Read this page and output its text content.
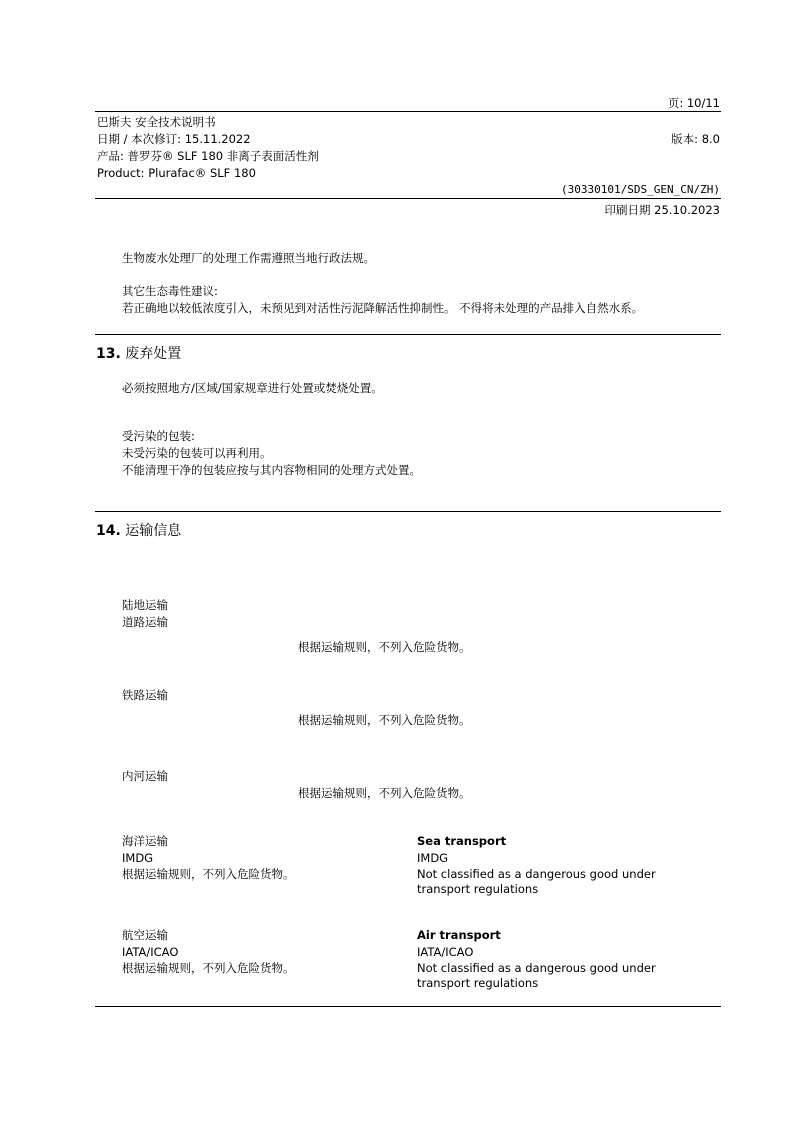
页: 10/11
巴斯夫 安全技术说明书
日期 / 本次修订: 15.11.2022	版本: 8.0
产品: 普罗芬® SLF 180 非离子表面活性剂
Product: Plurafac® SLF 180
(30330101/SDS_GEN_CN/ZH)
印刷日期 25.10.2023
生物废水处理厂的处理工作需遵照当地行政法规。
其它生态毒性建议:
若正确地以较低浓度引入，未预见到对活性污泥降解活性抑制性。 不得将未处理的产品排入自然水系。
13. 废弃处置
必须按照地方/区域/国家规章进行处置或焚烧处置。
受污染的包装:
未受污染的包装可以再利用。
不能清理干净的包装应按与其内容物相同的处理方式处置。
14. 运输信息
陆地运输
道路运输
根据运输规则，不列入危险货物。
铁路运输
根据运输规则，不列入危险货物。
内河运输
根据运输规则，不列入危险货物。
海洋运输
IMDG
根据运输规则，不列入危险货物。
Sea transport
IMDG
Not classified as a dangerous good under
transport regulations
航空运输
IATA/ICAO
根据运输规则，不列入危险货物。
Air transport
IATA/ICAO
Not classified as a dangerous good under
transport regulations
